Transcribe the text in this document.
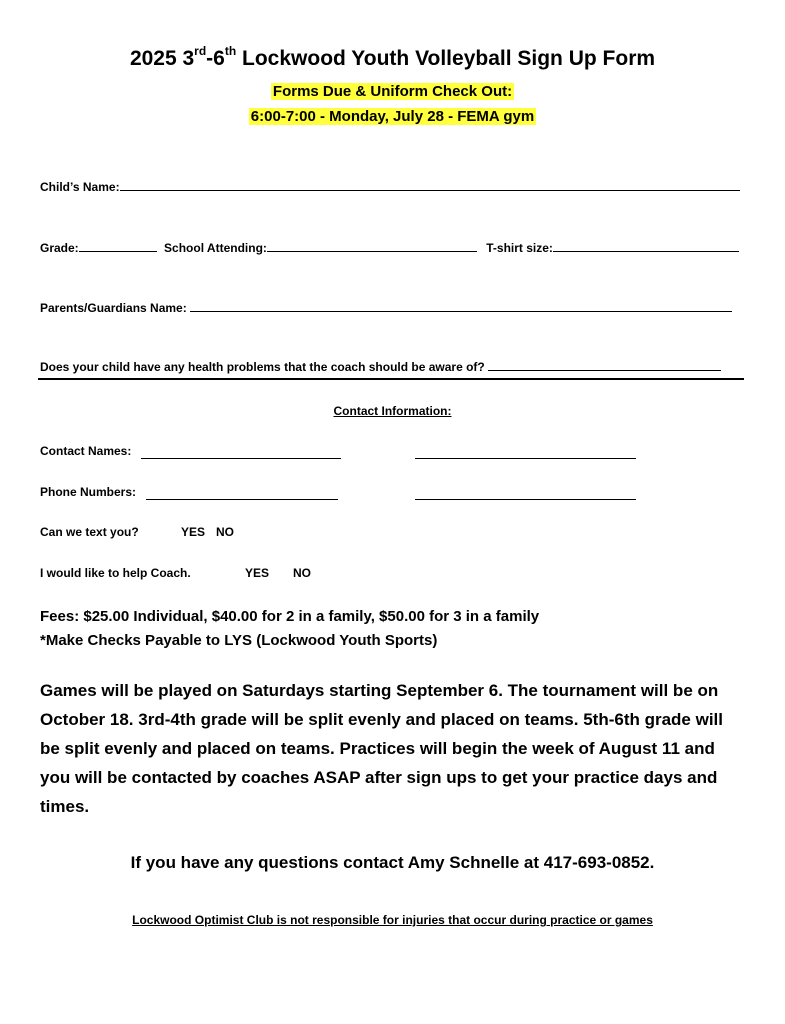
2025 3rd-6th Lockwood Youth Volleyball Sign Up Form
Forms Due & Uniform Check Out:
6:00-7:00 - Monday, July 28 - FEMA gym
Child’s Name:
Grade:	School Attending:	T-shirt size:
Parents/Guardians Name:
Does your child have any health problems that the coach should be aware of?
Contact Information:
Contact Names:
Phone Numbers:
Can we text you?	YES NO
I would like to help Coach.	YES NO
Fees: $25.00 Individual, $40.00 for 2 in a family, $50.00 for 3 in a family
*Make Checks Payable to LYS (Lockwood Youth Sports)
Games will be played on Saturdays starting September 6. The tournament will be on October 18. 3rd-4th grade will be split evenly and placed on teams. 5th-6th grade will be split evenly and placed on teams. Practices will begin the week of August 11 and you will be contacted by coaches ASAP after sign ups to get your practice days and times.
If you have any questions contact Amy Schnelle at 417-693-0852.
Lockwood Optimist Club is not responsible for injuries that occur during practice or games
